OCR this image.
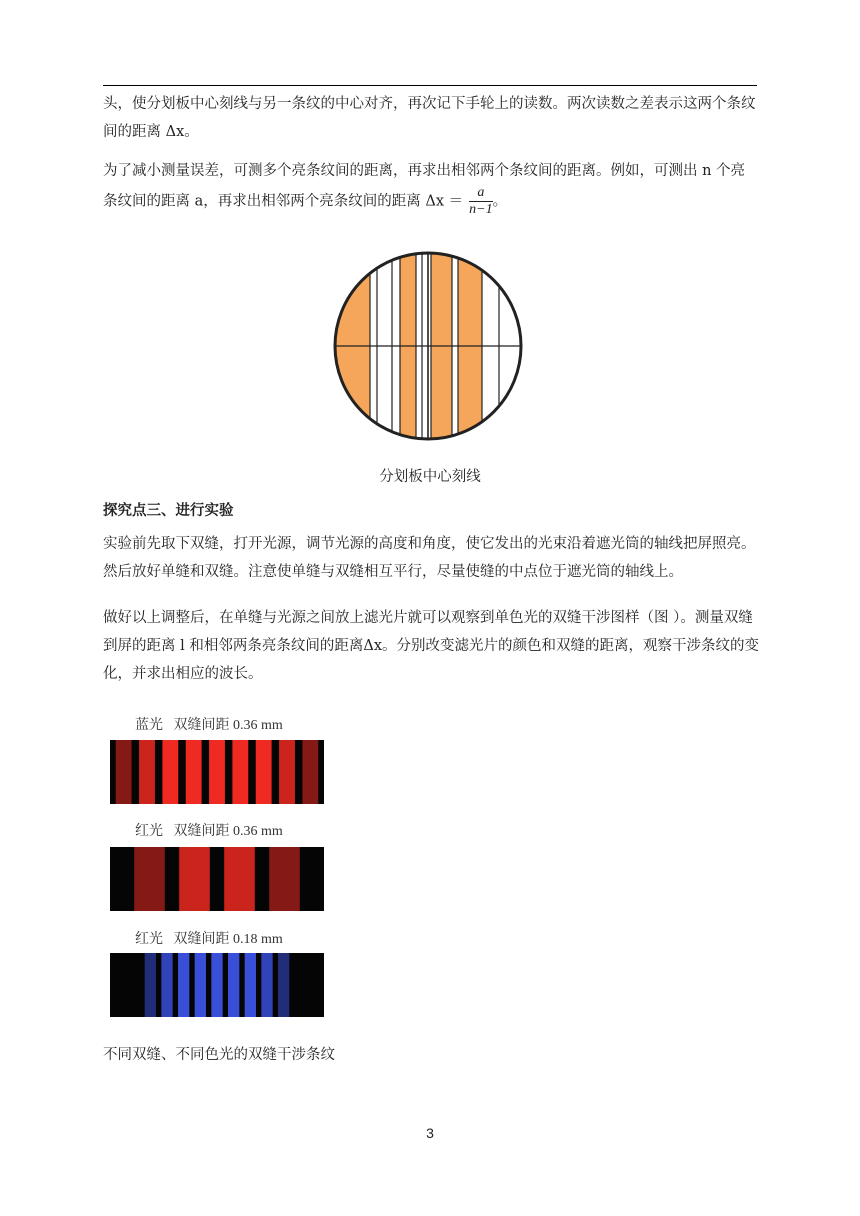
头，使分划板中心刻线与另一条纹的中心对齐，再次记下手轮上的读数。两次读数之差表示这两个条纹间的距离 Δx。

为了减小测量误差，可测多个亮条纹间的距离，再求出相邻两个条纹间的距离。例如，可测出 n 个亮条纹间的距离 a，再求出相邻两个亮条纹间的距离 $\Delta x = \frac{a}{n-1}$ 。

分划板中心刻线
探究点三、进行实验

实验前先取下双缝，打开光源，调节光源的高度和角度，使它发出的光束沿着遮光筒的轴线把屏照亮。然后放好单缝和双缝。注意使单缝与双缝相互平行，尽量使缝的中点位于遮光筒的轴线上。

做好以上调整后，在单缝与光源之间放上滤光片就可以观察到单色光的双缝干涉图样（图 ）。测量双缝到屏的距离 l 和相邻两条亮条纹间的距离Δx。分别改变滤光片的颜色和双缝的距离，观察干涉条纹的变化，并求出相应的波长。

蓝光   双缝间距 0.36 mm
红光   双缝间距 0.36 mm
红光   双缝间距 0.18 mm
不同双缝、不同色光的双缝干涉条纹
3
